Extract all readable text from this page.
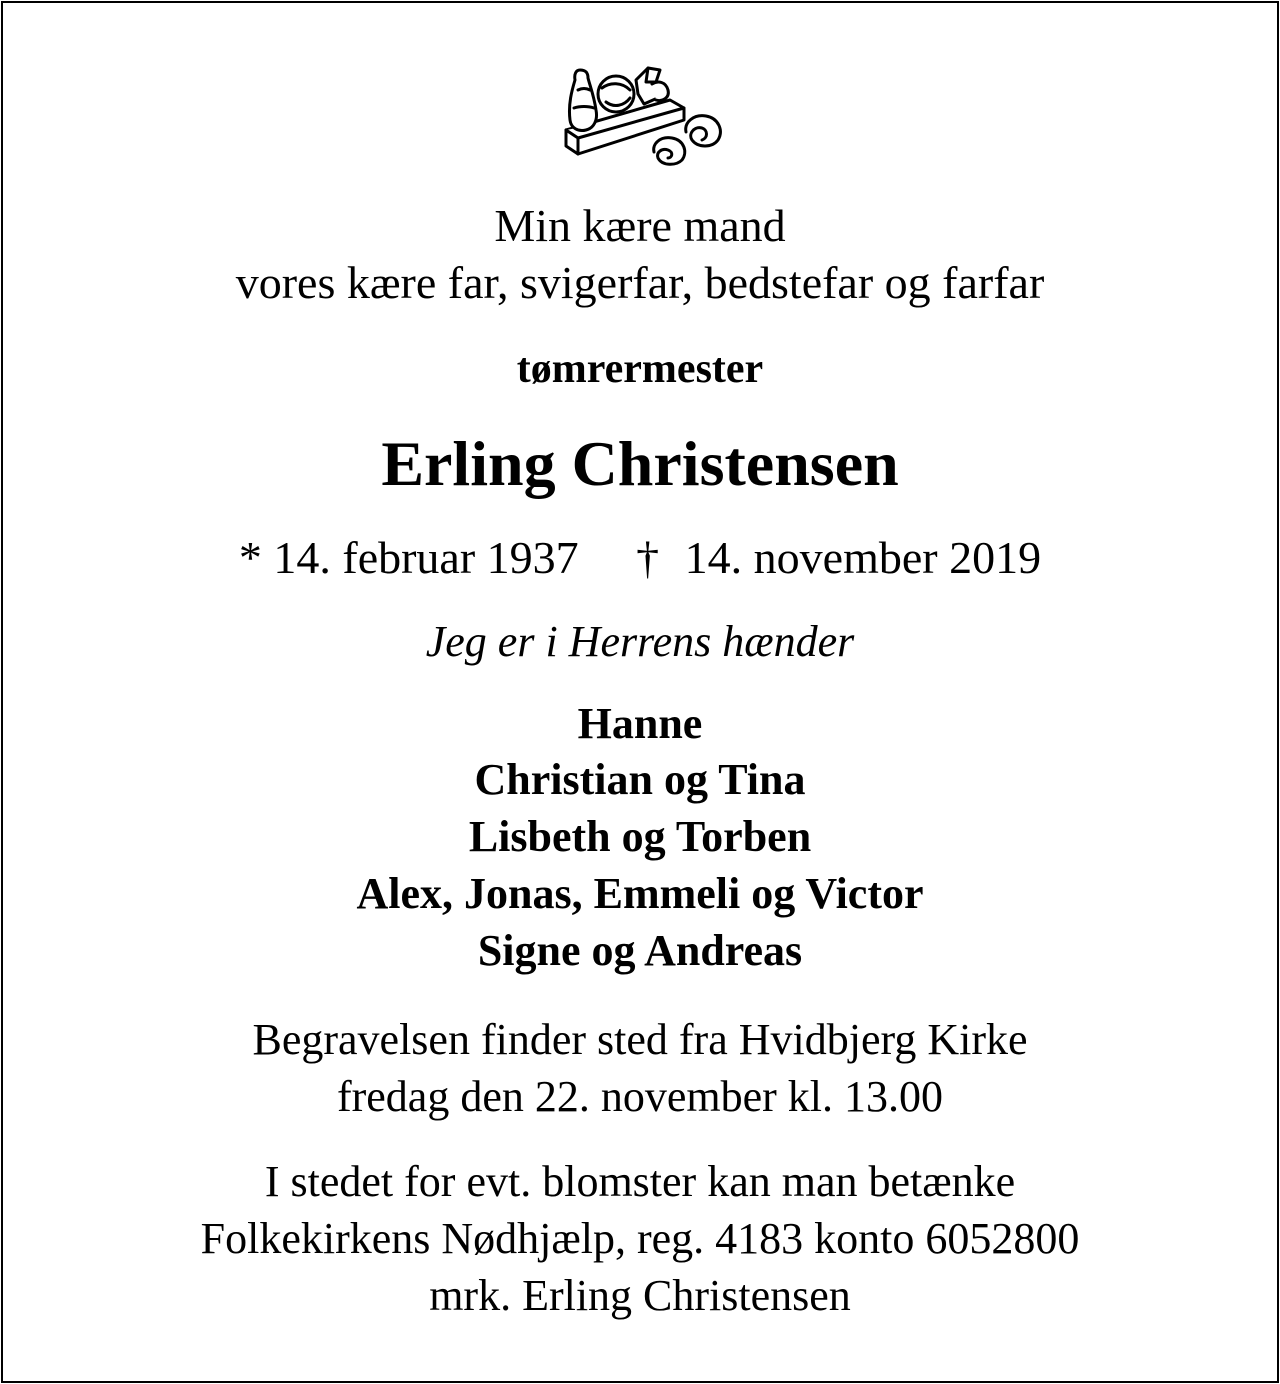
Min kære mand
vores kære far, svigerfar, bedstefar og farfar
tømrermester
Erling Christensen
* 14. februar 1937 † 14. november 2019
Jeg er i Herrens hænder
Hanne
Christian og Tina
Lisbeth og Torben
Alex, Jonas, Emmeli og Victor
Signe og Andreas
Begravelsen finder sted fra Hvidbjerg Kirke
fredag den 22. november kl. 13.00
I stedet for evt. blomster kan man betænke
Folkekirkens Nødhjælp, reg. 4183 konto 6052800
mrk. Erling Christensen
